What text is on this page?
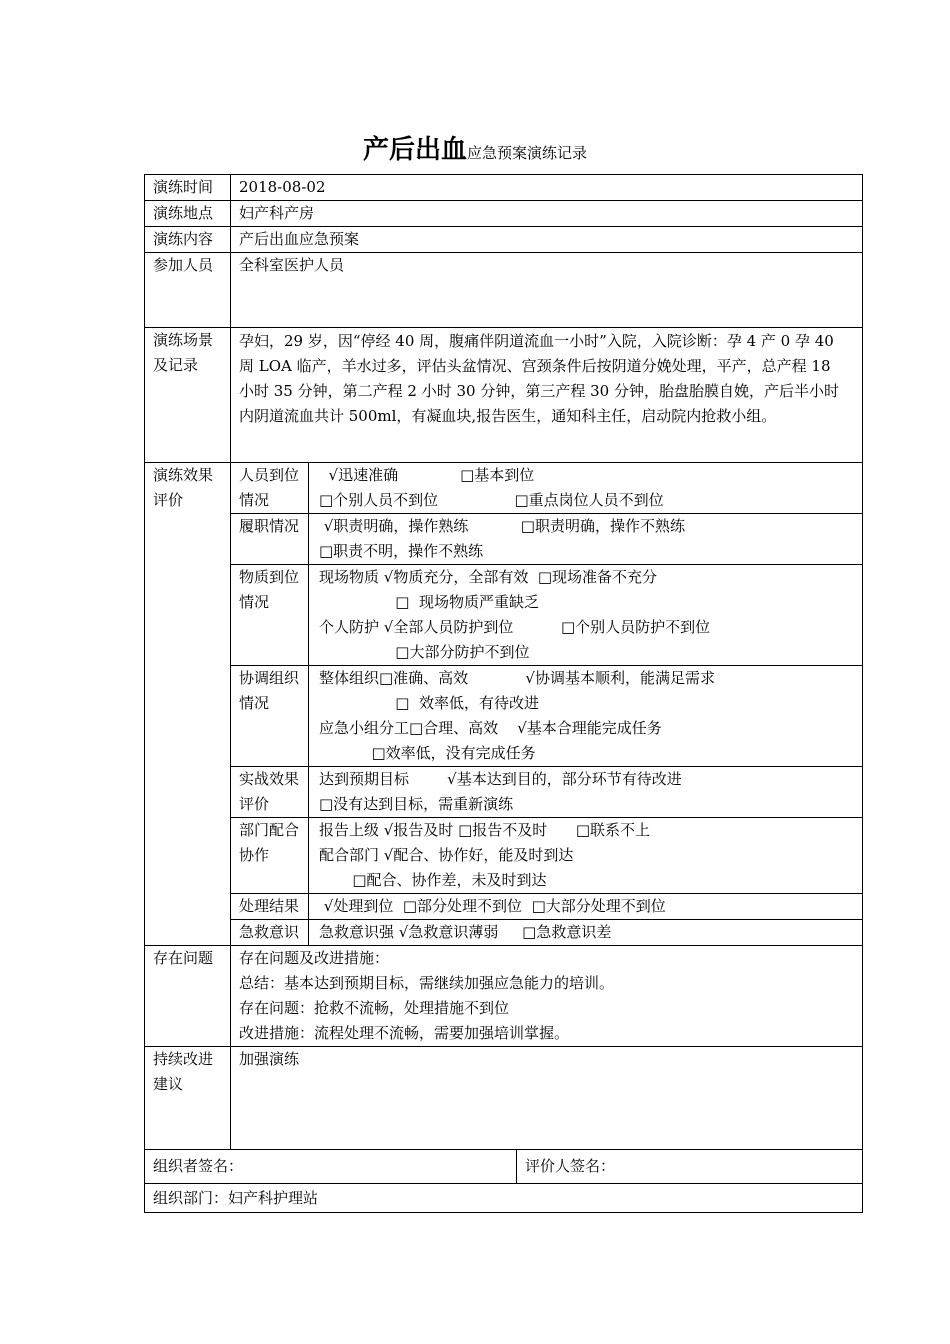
产后出血应急预案演练记录
演练时间	2018-08-02		
演练地点	妇产科产房		
演练内容	产后出血应急预案		
参加人员	全科室医护人员		

演练场景
及记录	孕妇，29 岁，因“停经 40 周，腹痛伴阴道流血一小时”入院，入院诊断：孕 4 产 0 孕 40
周 LOA 临产，羊水过多，评估头盆情况、宫颈条件后按阴道分娩处理，平产，总产程 18
小时 35 分钟，第二产程 2 小时 30 分钟，第三产程 30 分钟，胎盘胎膜自娩，产后半小时
内阴道流血共计 500ml，有凝血块,报告医生，通知科主任，启动院内抢救小组。		

演练效果
评价	人员到位
情况	√迅速准确             □基本到位
□个别人员不到位                □重点岗位人员不到位	

	履职情况	√职责明确，操作熟练           □职责明确，操作不熟练
□职责不明，操作不熟练	

	物质到位
情况	现场物质 √物质充分，全部有效  □现场准备不充分
□  现场物质严重缺乏
个人防护 √全部人员防护到位          □个别人员防护不到位
□大部分防护不到位	

	协调组织
情况	整体组织□准确、高效            √协调基本顺利，能满足需求
□  效率低，有待改进
应急小组分工□合理、高效    √基本合理能完成任务
□效率低，没有完成任务	

	实战效果
评价	达到预期目标        √基本达到目的，部分环节有待改进
□没有达到目标，需重新演练	

	部门配合
协作	报告上级 √报告及时 □报告不及时      □联系不上
配合部门 √配合、协作好，能及时到达
□配合、协作差，未及时到达	

	处理结果	√处理到位  □部分处理不到位  □大部分处理不到位	

	急救意识	急救意识强 √急救意识薄弱     □急救意识差	

存在问题	存在问题及改进措施：
总结：基本达到预期目标，需继续加强应急能力的培训。
存在问题：抢救不流畅，处理措施不到位
改进措施：流程处理不流畅，需要加强培训掌握。		

持续改进
建议	加强演练		
组织者签名：			评价人签名：
组织部门：妇产科护理站			
